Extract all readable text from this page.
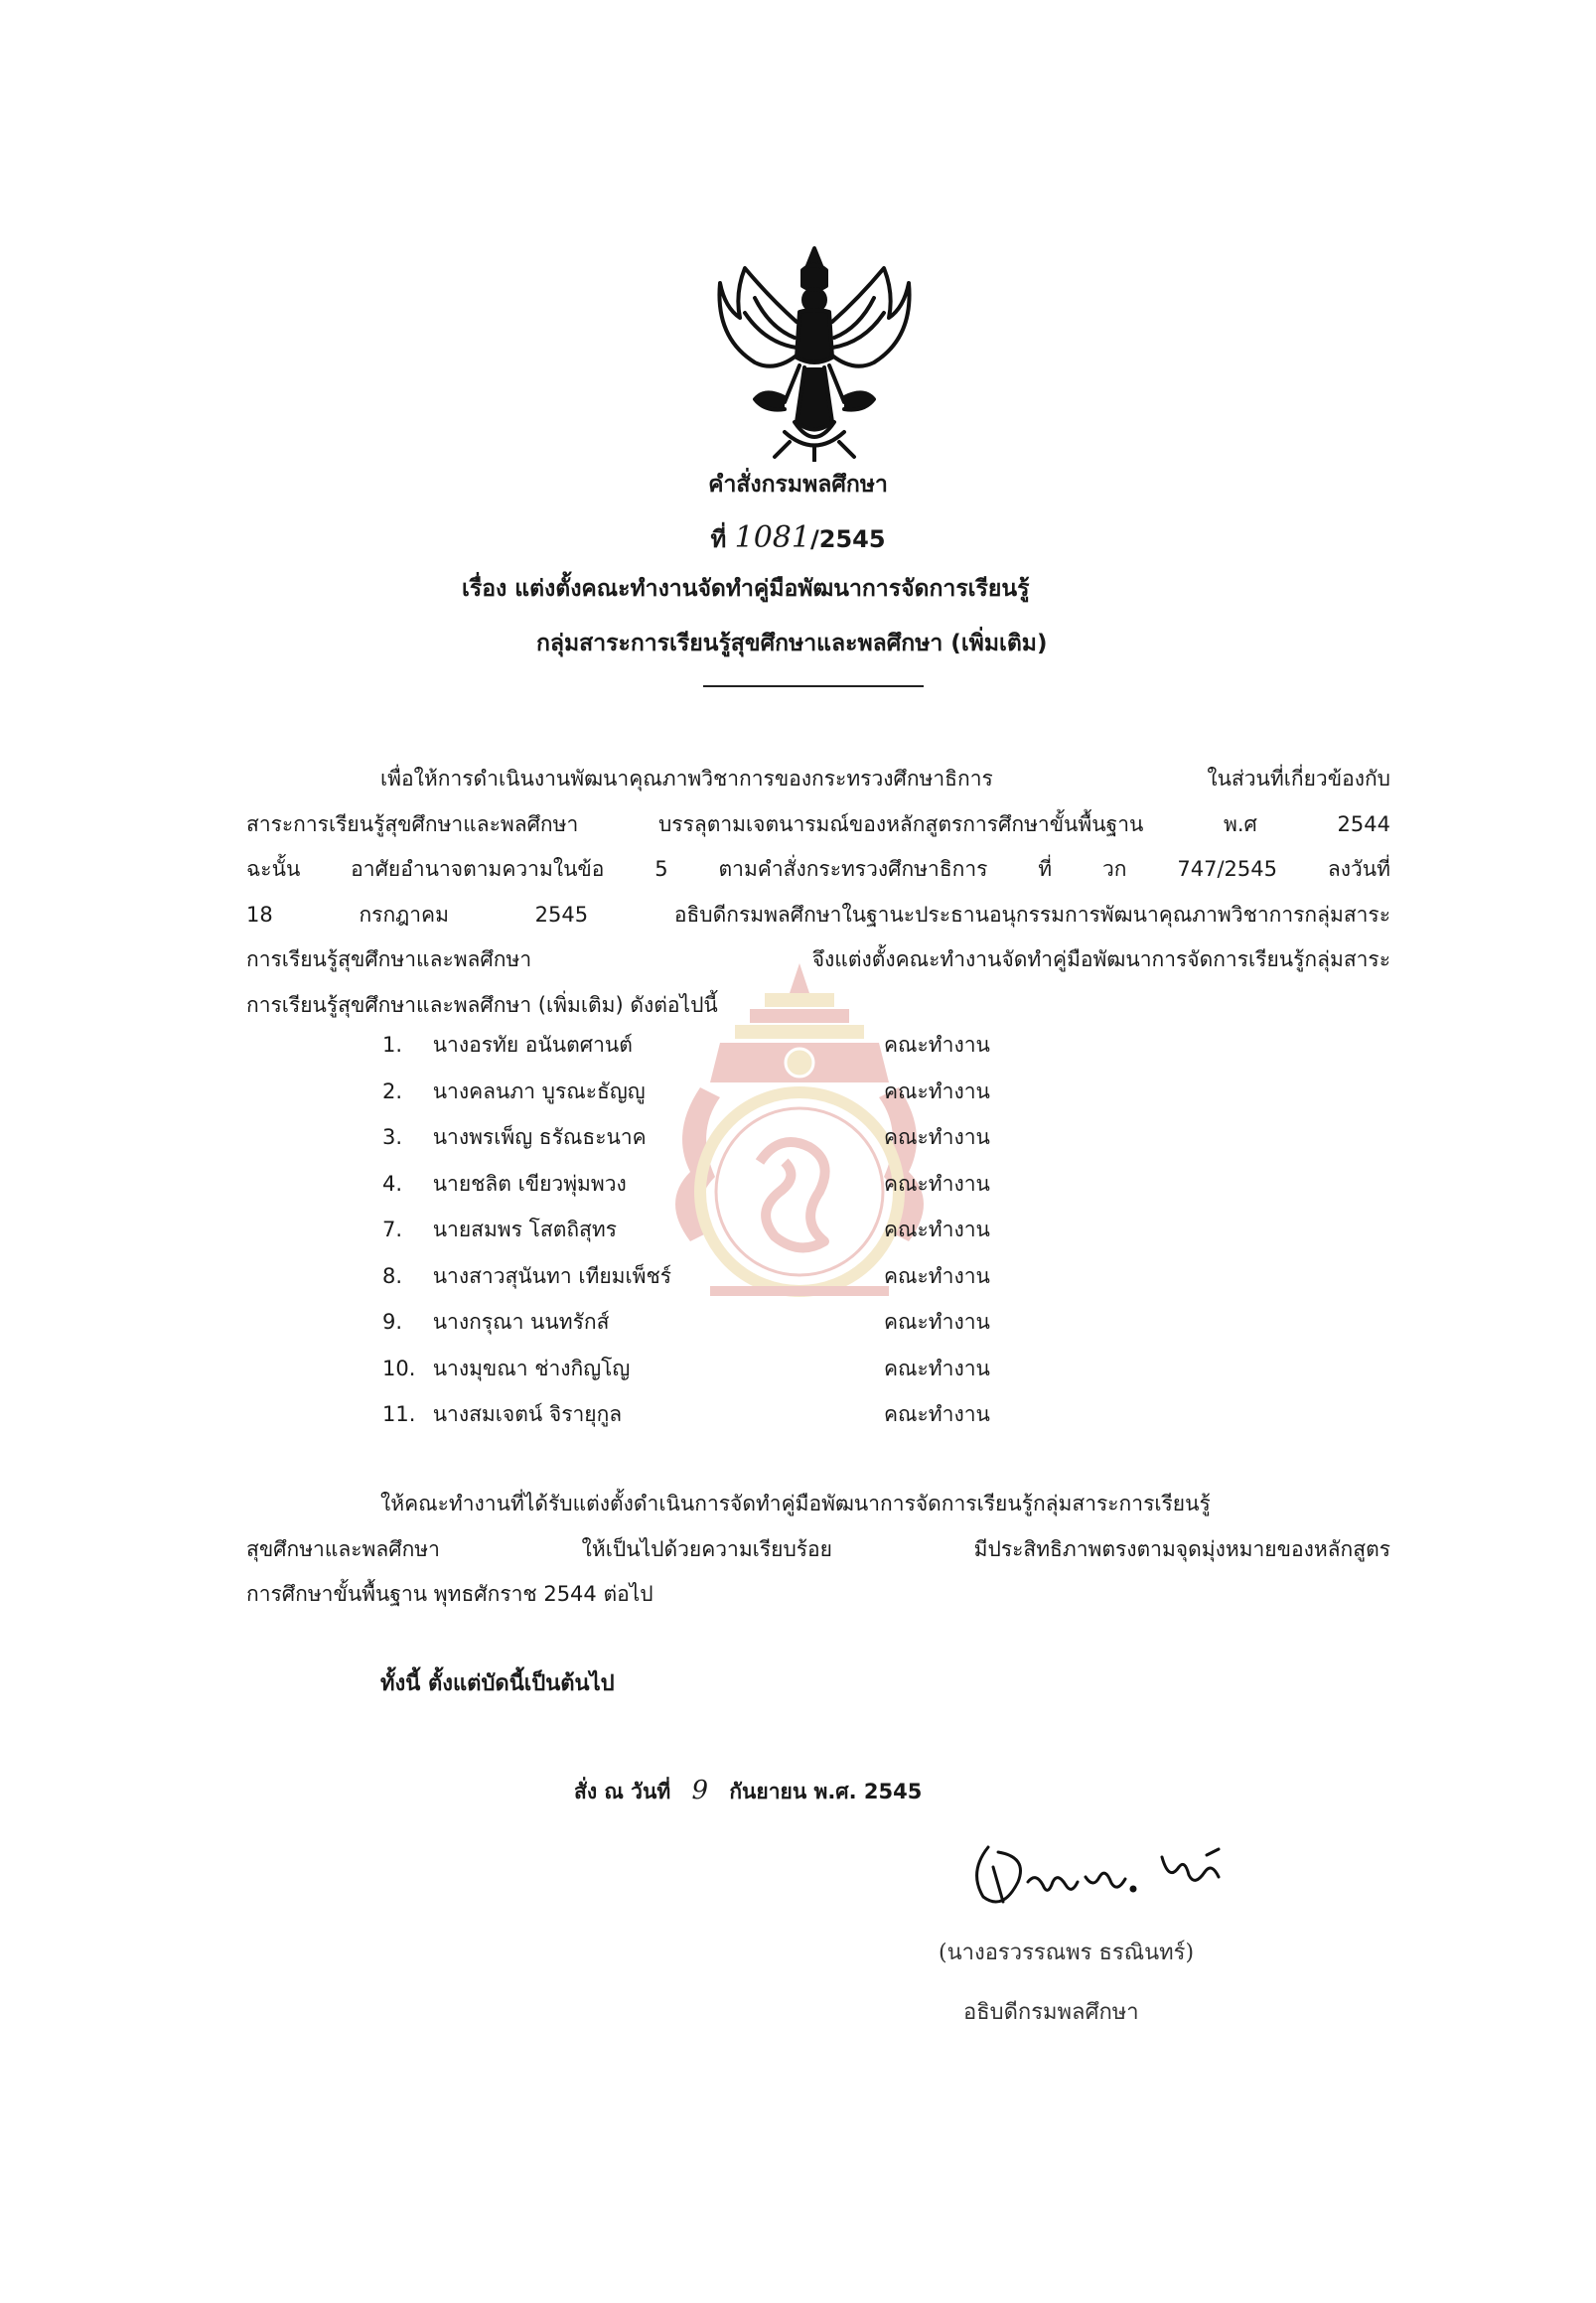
คำสั่งกรมพลศึกษา
ที่ 1081/2545
เรื่อง แต่งตั้งคณะทำงานจัดทำคู่มือพัฒนาการจัดการเรียนรู้
กลุ่มสาระการเรียนรู้สุขศึกษาและพลศึกษา (เพิ่มเติม)
เพื่อให้การดำเนินงานพัฒนาคุณภาพวิชาการของกระทรวงศึกษาธิการ ในส่วนที่เกี่ยวข้องกับ
สาระการเรียนรู้สุขศึกษาและพลศึกษา บรรลุตามเจตนารมณ์ของหลักสูตรการศึกษาขั้นพื้นฐาน พ.ศ 2544
ฉะนั้น อาศัยอำนาจตามความในข้อ 5 ตามคำสั่งกระทรวงศึกษาธิการ ที่ วก 747/2545 ลงวันที่
18 กรกฎาคม 2545 อธิบดีกรมพลศึกษาในฐานะประธานอนุกรรมการพัฒนาคุณภาพวิชาการกลุ่มสาระ
การเรียนรู้สุขศึกษาและพลศึกษา จึงแต่งตั้งคณะทำงานจัดทำคู่มือพัฒนาการจัดการเรียนรู้กลุ่มสาระ
การเรียนรู้สุขศึกษาและพลศึกษา (เพิ่มเติม) ดังต่อไปนี้
1. นางอรทัย อนันตศานต์	คณะทำงาน
2. นางคลนภา บูรณะธัญญู	คณะทำงาน
3. นางพรเพ็ญ ธรัณธะนาค	คณะทำงาน
4. นายชลิต เขียวพุ่มพวง	คณะทำงาน
7. นายสมพร โสตถิสุทร	คณะทำงาน
8. นางสาวสุนันทา เทียมเพ็ชร์	คณะทำงาน
9. นางกรุณา นนทรักส์	คณะทำงาน
10. นางมุขณา ช่างกิญโญ	คณะทำงาน
11. นางสมเจตน์ จิรายุกูล	คณะทำงาน
ให้คณะทำงานที่ได้รับแต่งตั้งดำเนินการจัดทำคู่มือพัฒนาการจัดการเรียนรู้กลุ่มสาระการเรียนรู้
สุขศึกษาและพลศึกษา ให้เป็นไปด้วยความเรียบร้อย มีประสิทธิภาพตรงตามจุดมุ่งหมายของหลักสูตร
การศึกษาขั้นพื้นฐาน พุทธศักราช 2544 ต่อไป
ทั้งนี้ ตั้งแต่บัดนี้เป็นต้นไป
สั่ง ณ วันที่ 9 กันยายน พ.ศ. 2545
(นางอรวรรณพร ธรณินทร์)
อธิบดีกรมพลศึกษา
